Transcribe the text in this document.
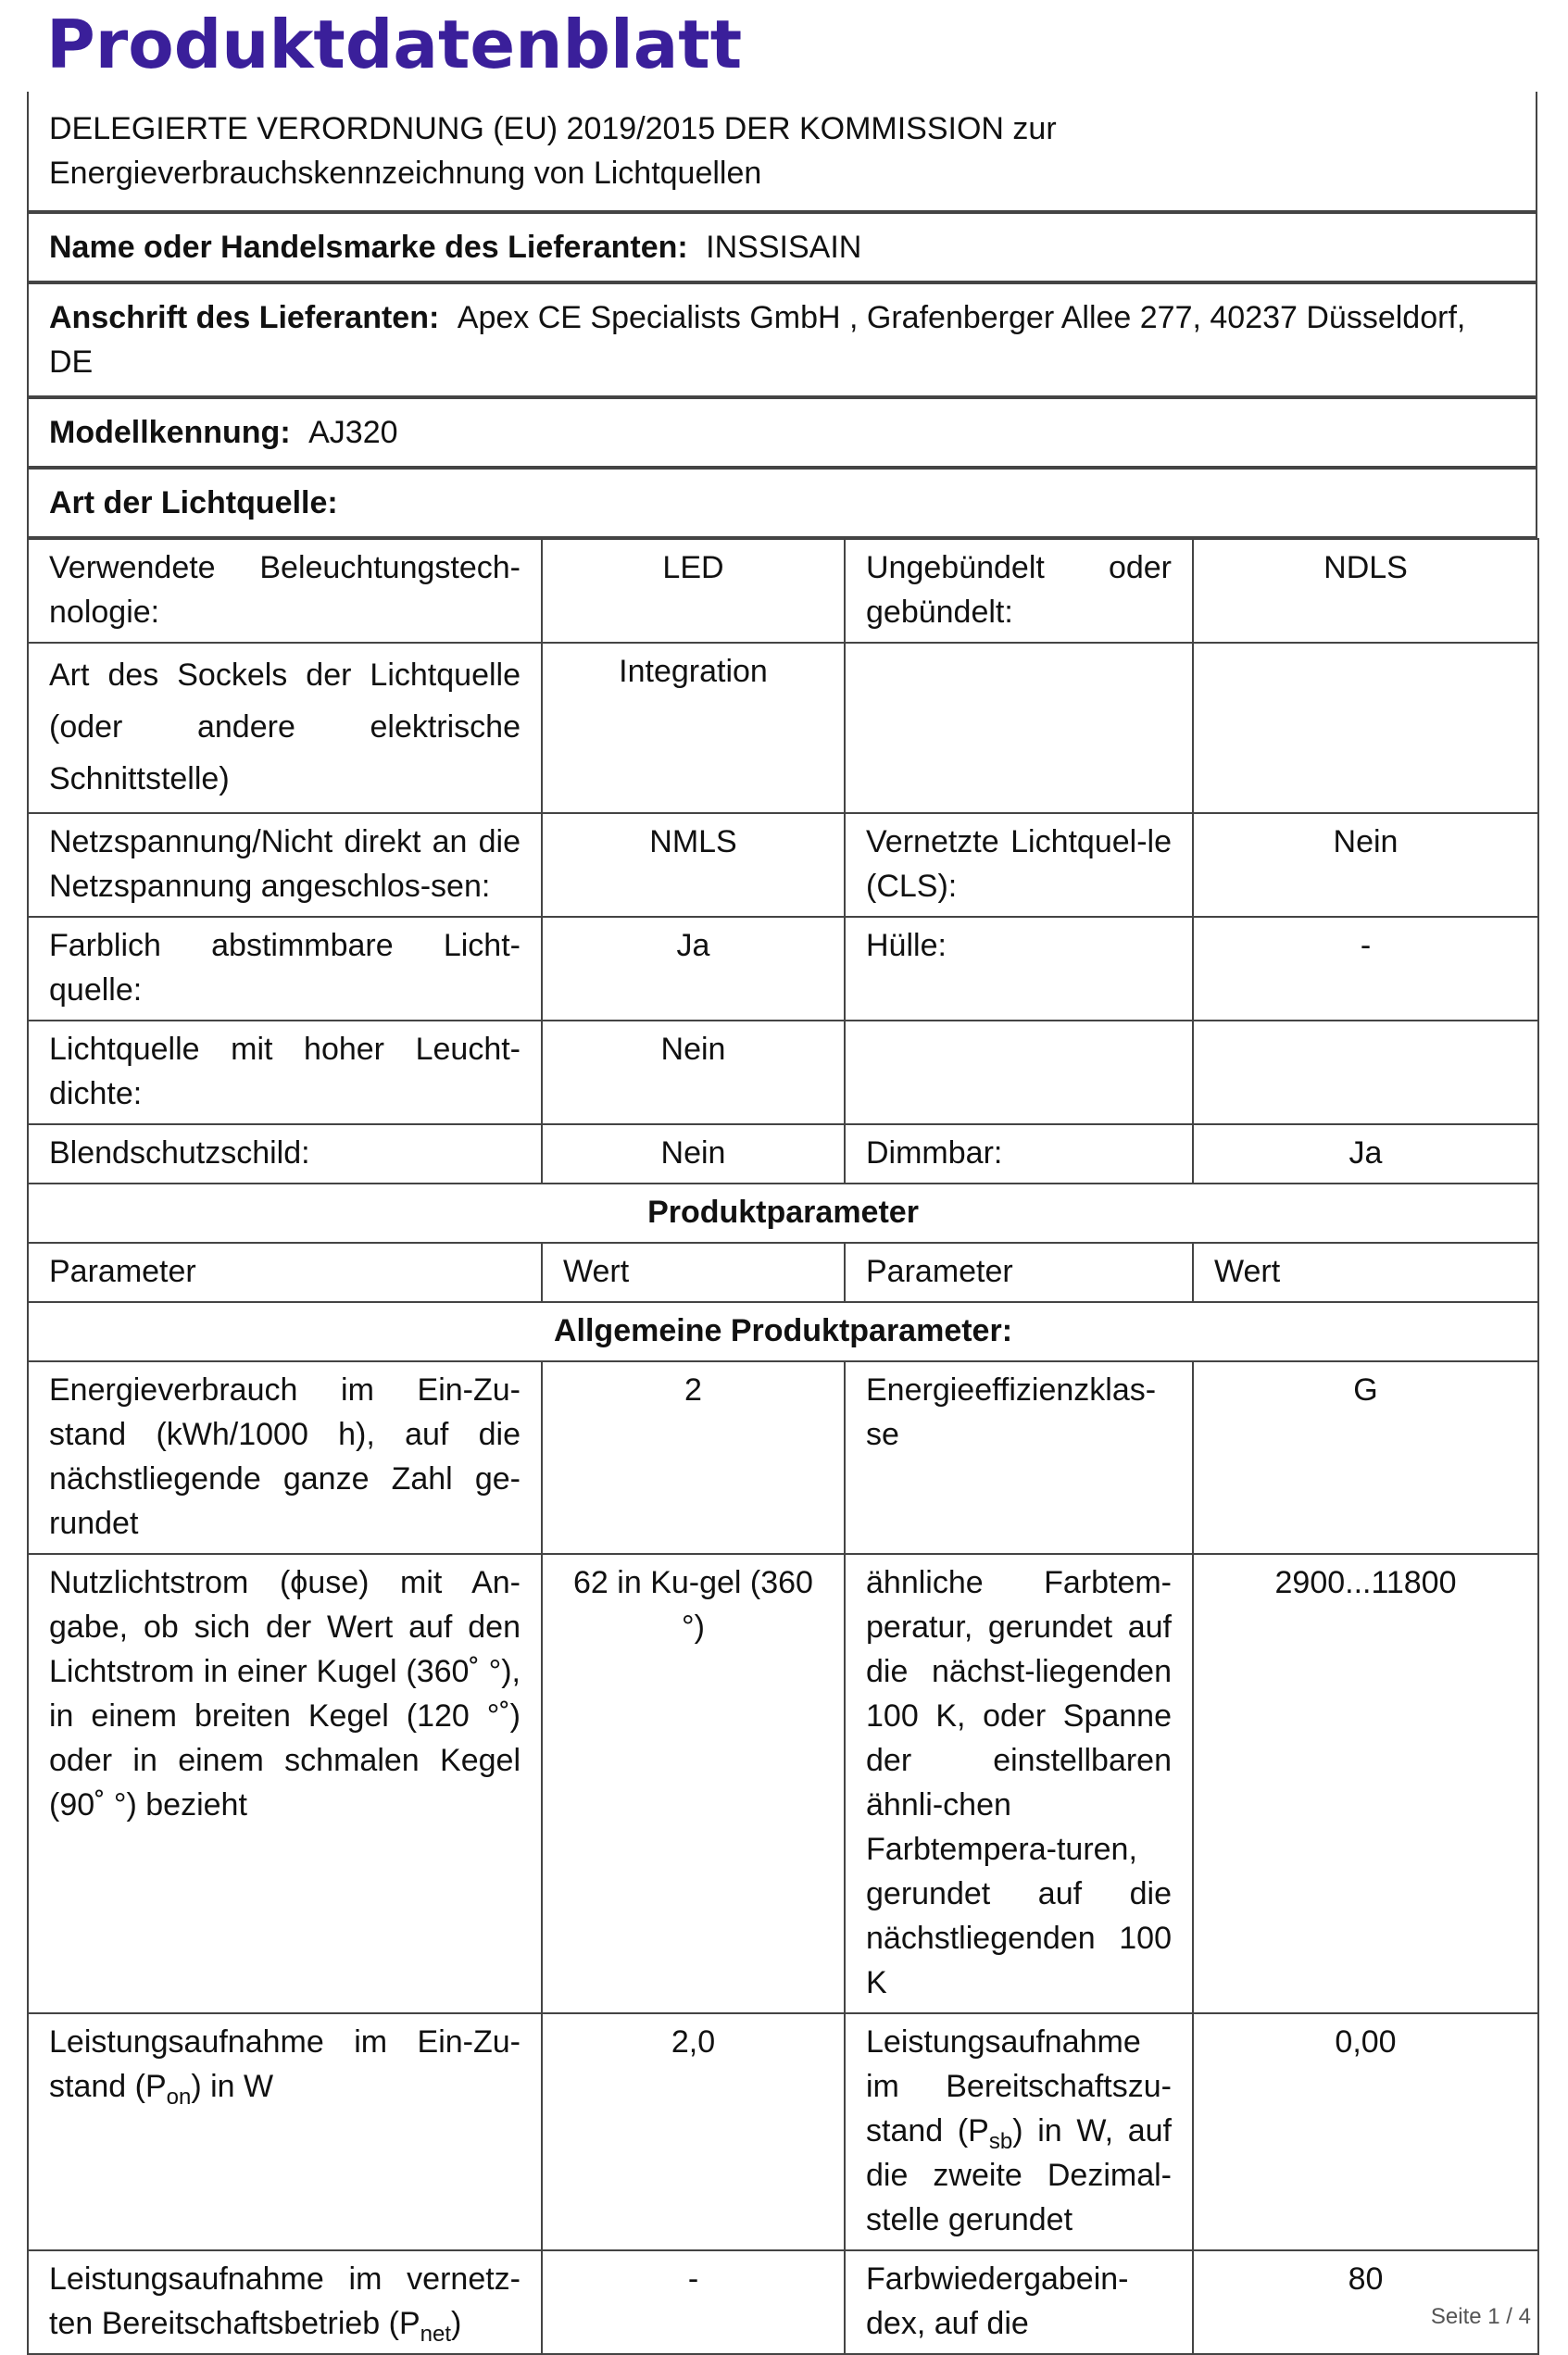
Produktdatenblatt
DELEGIERTE VERORDNUNG (EU) 2019/2015 DER KOMMISSION zur
Energieverbrauchskennzeichnung von Lichtquellen
Name oder Handelsmarke des Lieferanten: INSSISAIN
Anschrift des Lieferanten: Apex CE Specialists GmbH , Grafenberger Allee 277, 40237 Düsseldorf,
DE
Modellkennung: AJ320
Art der Lichtquelle:
Verwendete Beleuchtungstech-nologie:	LED	Ungebündelt oder gebündelt:	NDLS
Art des Sockels der Lichtquelle (oder andere elektrische Schnittstelle)	Integration		
Netzspannung/Nicht direkt an die Netzspannung angeschlos-sen:	NMLS	Vernetzte Lichtquel-le (CLS):	Nein
Farblich abstimmbare Licht-quelle:	Ja	Hülle:	-
Lichtquelle mit hoher Leucht-dichte:	Nein		
Blendschutzschild:	Nein	Dimmbar:	Ja
Produktparameter			
Parameter	Wert	Parameter	Wert
Allgemeine Produktparameter:			
Energieverbrauch im Ein-Zu-stand (kWh/1000 h), auf die nächstliegende ganze Zahl ge-rundet	2	Energieeffizienzklas-se	G
Nutzlichtstrom (ϕuse) mit An-gabe, ob sich der Wert auf den Lichtstrom in einer Kugel (360˚ °), in einem breiten Kegel (120 °˚) oder in einem schmalen Kegel (90˚ °) bezieht	62 in Ku-gel (360 °)	ähnliche Farbtem-peratur, gerundet auf die nächst-liegenden 100 K, oder Spanne der einstellbaren ähnli-chen Farbtempera-turen, gerundet auf die nächstliegenden 100 K	2900...11800
Leistungsaufnahme im Ein-Zu-stand $(P_{on})$ in W	2,0	Leistungsaufnahme im Bereitschaftszu-stand $(P_{sb})$ in W, auf die zweite Dezimal-stelle gerundet	0,00
Leistungsaufnahme im vernetz-ten Bereitschaftsbetrieb $(P_{net})$	-	Farbwiedergabein-dex, auf die	80
Seite 1 / 4
